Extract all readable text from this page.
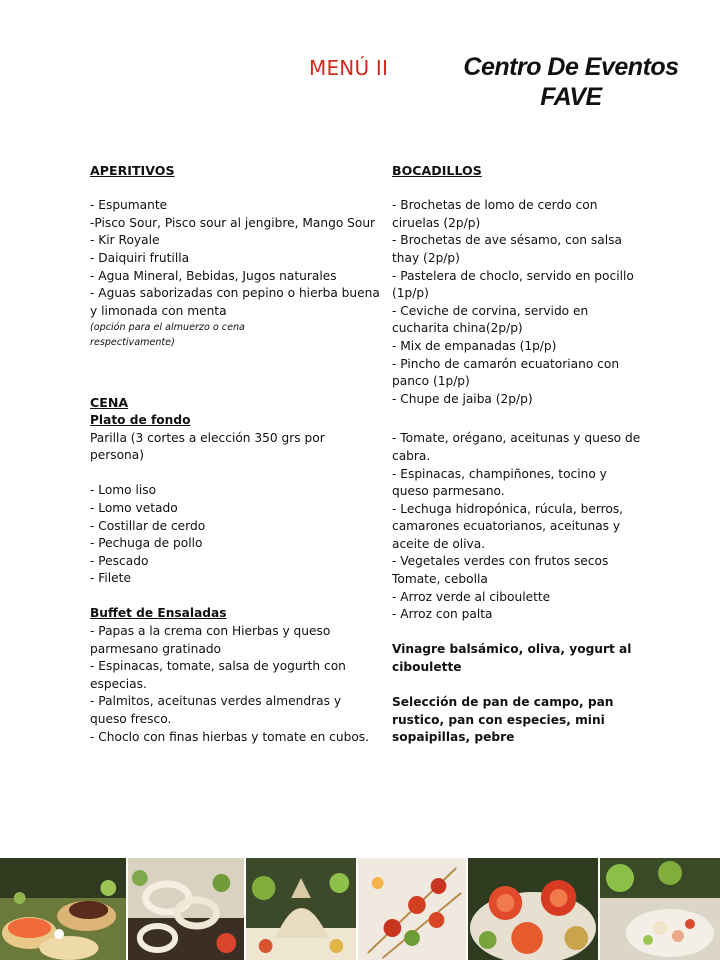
MENÚ II	Centro De Eventos
FAVE
APERITIVOS
- Espumante
-Pisco Sour, Pisco sour al jengibre, Mango Sour
- Kir Royale
- Daiquiri frutilla
- Agua Mineral, Bebidas, Jugos naturales
- Aguas saborizadas con pepino o hierba buena y limonada con menta
(opción para el almuerzo o cena respectivamente)
CENA
Plato de fondo
Parilla (3 cortes a elección 350 grs por persona)
- Lomo liso
- Lomo vetado
- Costillar de cerdo
- Pechuga de pollo
- Pescado
- Filete
Buffet de Ensaladas
- Papas a la crema con Hierbas y queso parmesano gratinado
- Espinacas, tomate, salsa de yogurth con especias.
- Palmitos, aceitunas verdes almendras y queso fresco.
- Choclo con finas hierbas y tomate en cubos.
BOCADILLOS
- Brochetas de lomo de cerdo con ciruelas (2p/p)
- Brochetas de ave sésamo, con salsa thay (2p/p)
- Pastelera de choclo, servido en pocillo (1p/p)
- Ceviche de corvina, servido en cucharita china(2p/p)
- Mix de empanadas (1p/p)
- Pincho de camarón ecuatoriano con panco (1p/p)
- Chupe de jaiba (2p/p)
- Tomate, orégano, aceitunas y queso de cabra.
- Espinacas, champiñones, tocino y queso parmesano.
- Lechuga hidropónica, rúcula, berros, camarones ecuatorianos, aceitunas y aceite de oliva.
- Vegetales verdes con frutos secos
Tomate, cebolla
- Arroz verde al ciboulette
- Arroz con palta
Vinagre balsámico, oliva, yogurt al ciboulette
Selección de pan de campo, pan rustico, pan con especies, mini sopaipillas, pebre
